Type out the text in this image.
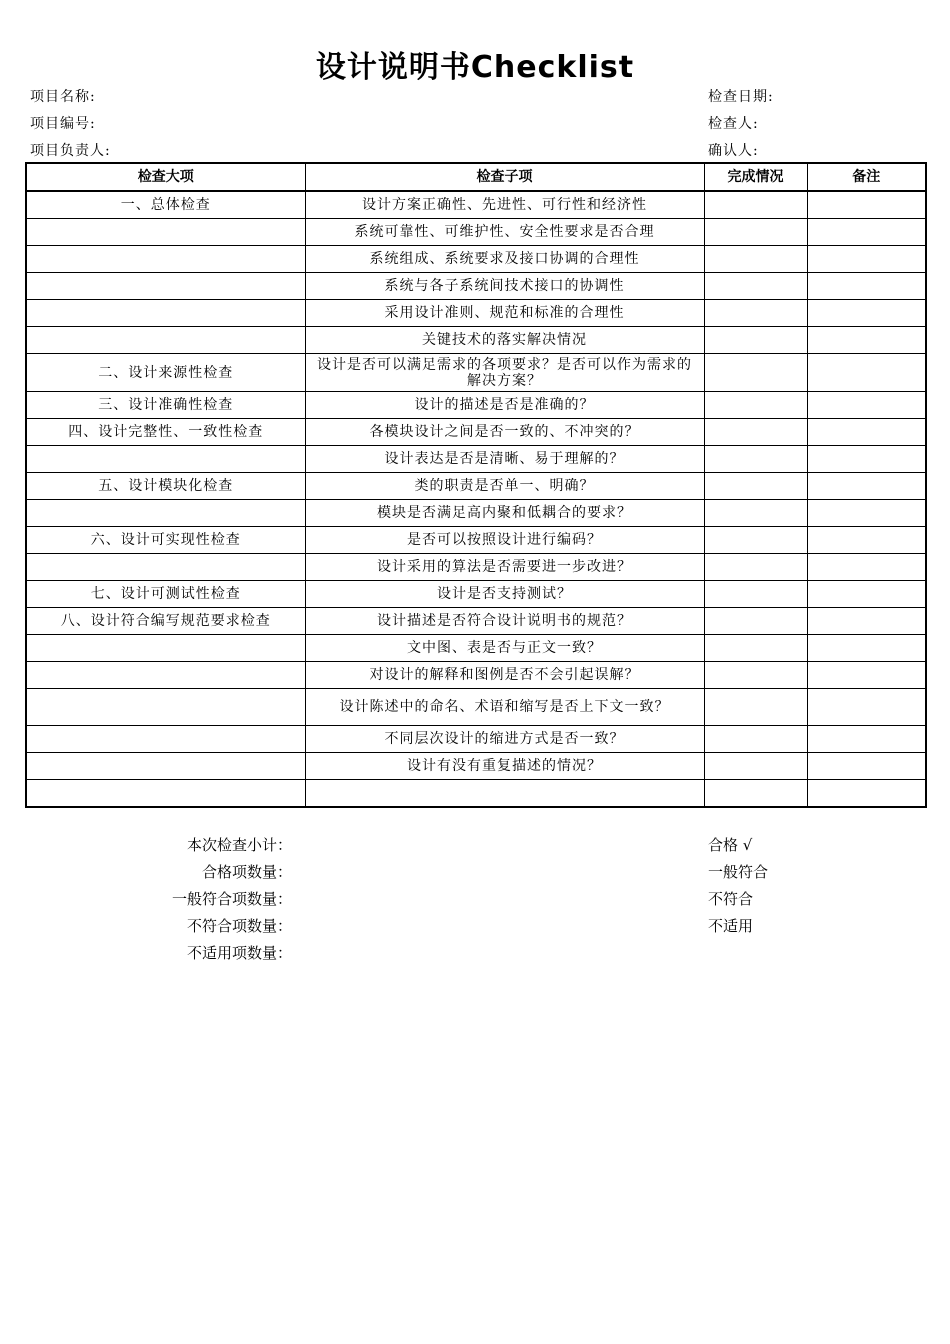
设计说明书Checklist
项目名称:
项目编号:
项目负责人:
检查日期:
检查人:
确认人:
检查大项	检查子项	完成情况	备注
一、总体检查	设计方案正确性、先进性、可行性和经济性		
	系统可靠性、可维护性、安全性要求是否合理		
	系统组成、系统要求及接口协调的合理性		
	系统与各子系统间技术接口的协调性		
	采用设计准则、规范和标准的合理性		
	关键技术的落实解决情况		
二、设计来源性检查	设计是否可以满足需求的各项要求？是否可以作为需求的解决方案？		
三、设计准确性检查	设计的描述是否是准确的？		
四、设计完整性、一致性检查	各模块设计之间是否一致的、不冲突的？		
	设计表达是否是清晰、易于理解的？		
五、设计模块化检查	类的职责是否单一、明确？		
	模块是否满足高内聚和低耦合的要求？		
六、设计可实现性检查	是否可以按照设计进行编码？		
	设计采用的算法是否需要进一步改进？		
七、设计可测试性检查	设计是否支持测试？		
八、设计符合编写规范要求检查	设计描述是否符合设计说明书的规范？		
	文中图、表是否与正文一致？		
	对设计的解释和图例是否不会引起误解？		
	设计陈述中的命名、术语和缩写是否上下文一致？		
	不同层次设计的缩进方式是否一致？		
	设计有没有重复描述的情况？		

本次检查小计：
合格项数量：
一般符合项数量：
不符合项数量：
不适用项数量：
合格 √
一般符合
不符合
不适用
